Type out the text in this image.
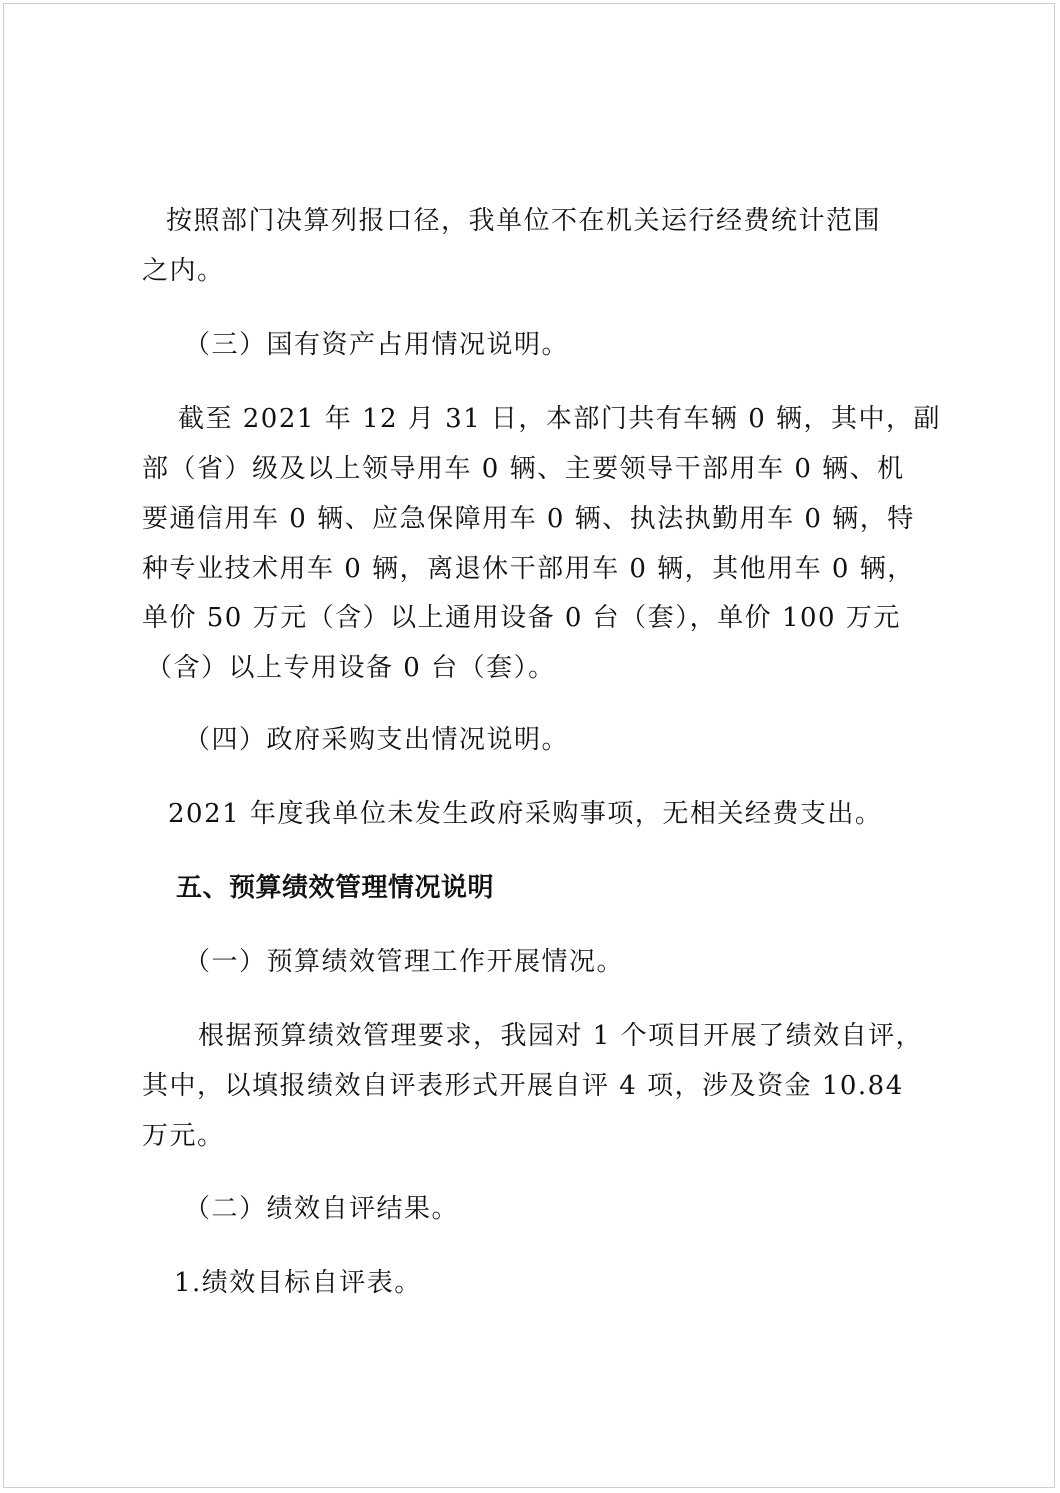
按照部门决算列报口径，我单位不在机关运行经费统计范围
之内。
（三）国有资产占用情况说明。
截至 2021 年 12 月 31 日，本部门共有车辆 0 辆，其中，副
部（省）级及以上领导用车 0 辆、主要领导干部用车 0 辆、机
要通信用车 0 辆、应急保障用车 0 辆、执法执勤用车 0 辆，特
种专业技术用车 0 辆，离退休干部用车 0 辆，其他用车 0 辆，
单价 50 万元（含）以上通用设备 0 台（套），单价 100 万元
（含）以上专用设备 0 台（套）。
（四）政府采购支出情况说明。
2021 年度我单位未发生政府采购事项，无相关经费支出。
五、预算绩效管理情况说明
（一）预算绩效管理工作开展情况。
根据预算绩效管理要求，我园对 1 个项目开展了绩效自评，
其中，以填报绩效自评表形式开展自评 4 项，涉及资金 10.84
万元。
（二）绩效自评结果。
1.绩效目标自评表。
